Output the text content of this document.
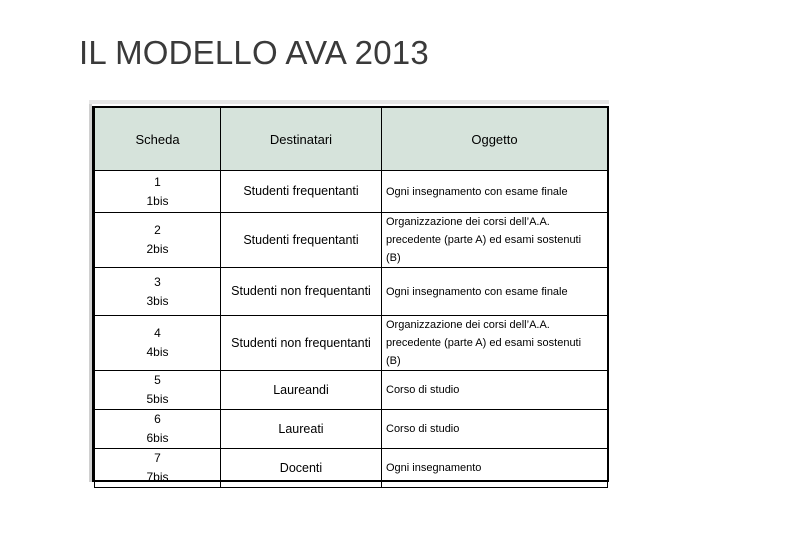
IL MODELLO AVA 2013
Scheda	Destinatari	Oggetto

1
1bis	Studenti frequentanti	Ogni insegnamento con esame finale

2
2bis	Studenti frequentanti	Organizzazione dei corsi dell’A.A.
precedente (parte A) ed esami sostenuti
(B)

3
3bis	Studenti non frequentanti	Ogni insegnamento con esame finale

4
4bis	Studenti non frequentanti	Organizzazione dei corsi dell’A.A.
precedente (parte A) ed esami sostenuti
(B)

5
5bis	Laureandi	Corso di studio

6
6bis	Laureati	Corso di studio

7
7bis	Docenti	Ogni insegnamento
